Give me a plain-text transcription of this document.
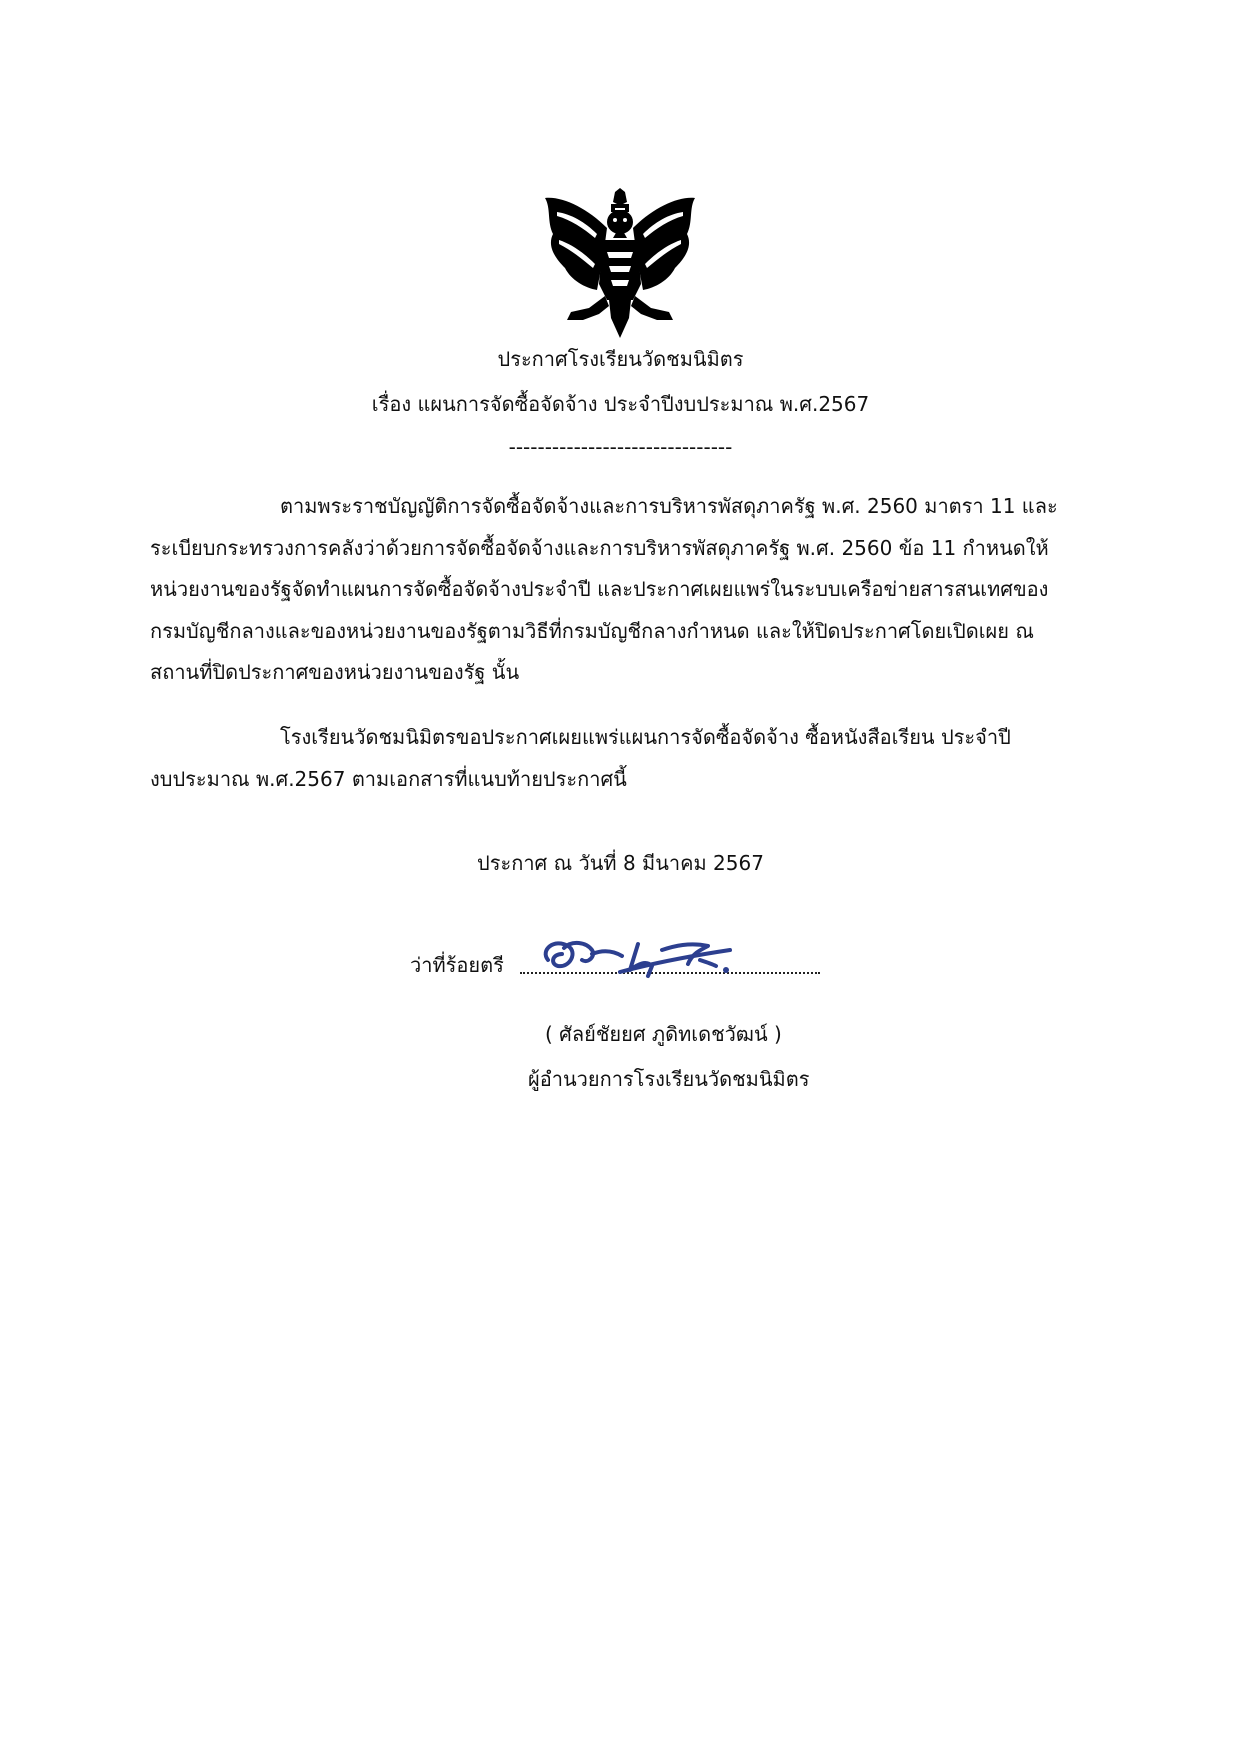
ประกาศโรงเรียนวัดชมนิมิตร
เรื่อง แผนการจัดซื้อจัดจ้าง ประจำปีงบประมาณ พ.ศ.2567
-------------------------------
ตามพระราชบัญญัติการจัดซื้อจัดจ้างและการบริหารพัสดุภาครัฐ พ.ศ. 2560 มาตรา 11 และ
ระเบียบกระทรวงการคลังว่าด้วยการจัดซื้อจัดจ้างและการบริหารพัสดุภาครัฐ พ.ศ. 2560 ข้อ 11 กำหนดให้
หน่วยงานของรัฐจัดทำแผนการจัดซื้อจัดจ้างประจำปี และประกาศเผยแพร่ในระบบเครือข่ายสารสนเทศของ
กรมบัญชีกลางและของหน่วยงานของรัฐตามวิธีที่กรมบัญชีกลางกำหนด และให้ปิดประกาศโดยเปิดเผย ณ
สถานที่ปิดประกาศของหน่วยงานของรัฐ นั้น
โรงเรียนวัดชมนิมิตรขอประกาศเผยแพร่แผนการจัดซื้อจัดจ้าง ซื้อหนังสือเรียน ประจำปี
งบประมาณ พ.ศ.2567 ตามเอกสารที่แนบท้ายประกาศนี้
ประกาศ ณ วันที่ 8 มีนาคม 2567
ว่าที่ร้อยตรี
( ศัลย์ชัยยศ ภูดิทเดชวัฒน์ )
ผู้อำนวยการโรงเรียนวัดชมนิมิตร
